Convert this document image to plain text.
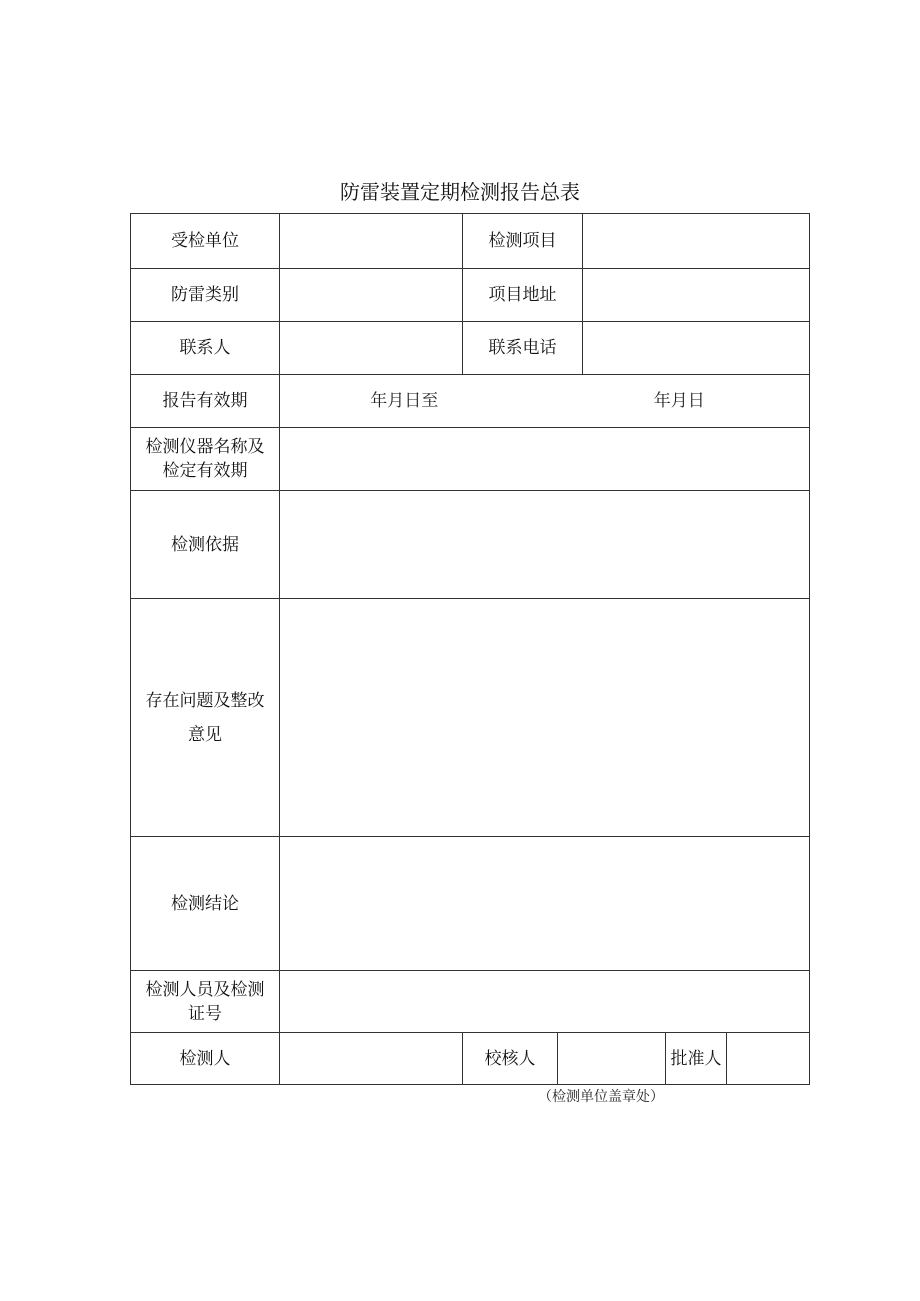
防雷装置定期检测报告总表
受检单位		检测项目				
防雷类别		项目地址				
联系人		联系电话				
报告有效期	年月日至 年月日					

检测仪器名称及
检定有效期						

检测依据						

存在问题及整改
意见						

检测结论						

检测人员及检测
证号						

检测人		校核人			批准人	
（检测单位盖章处）
